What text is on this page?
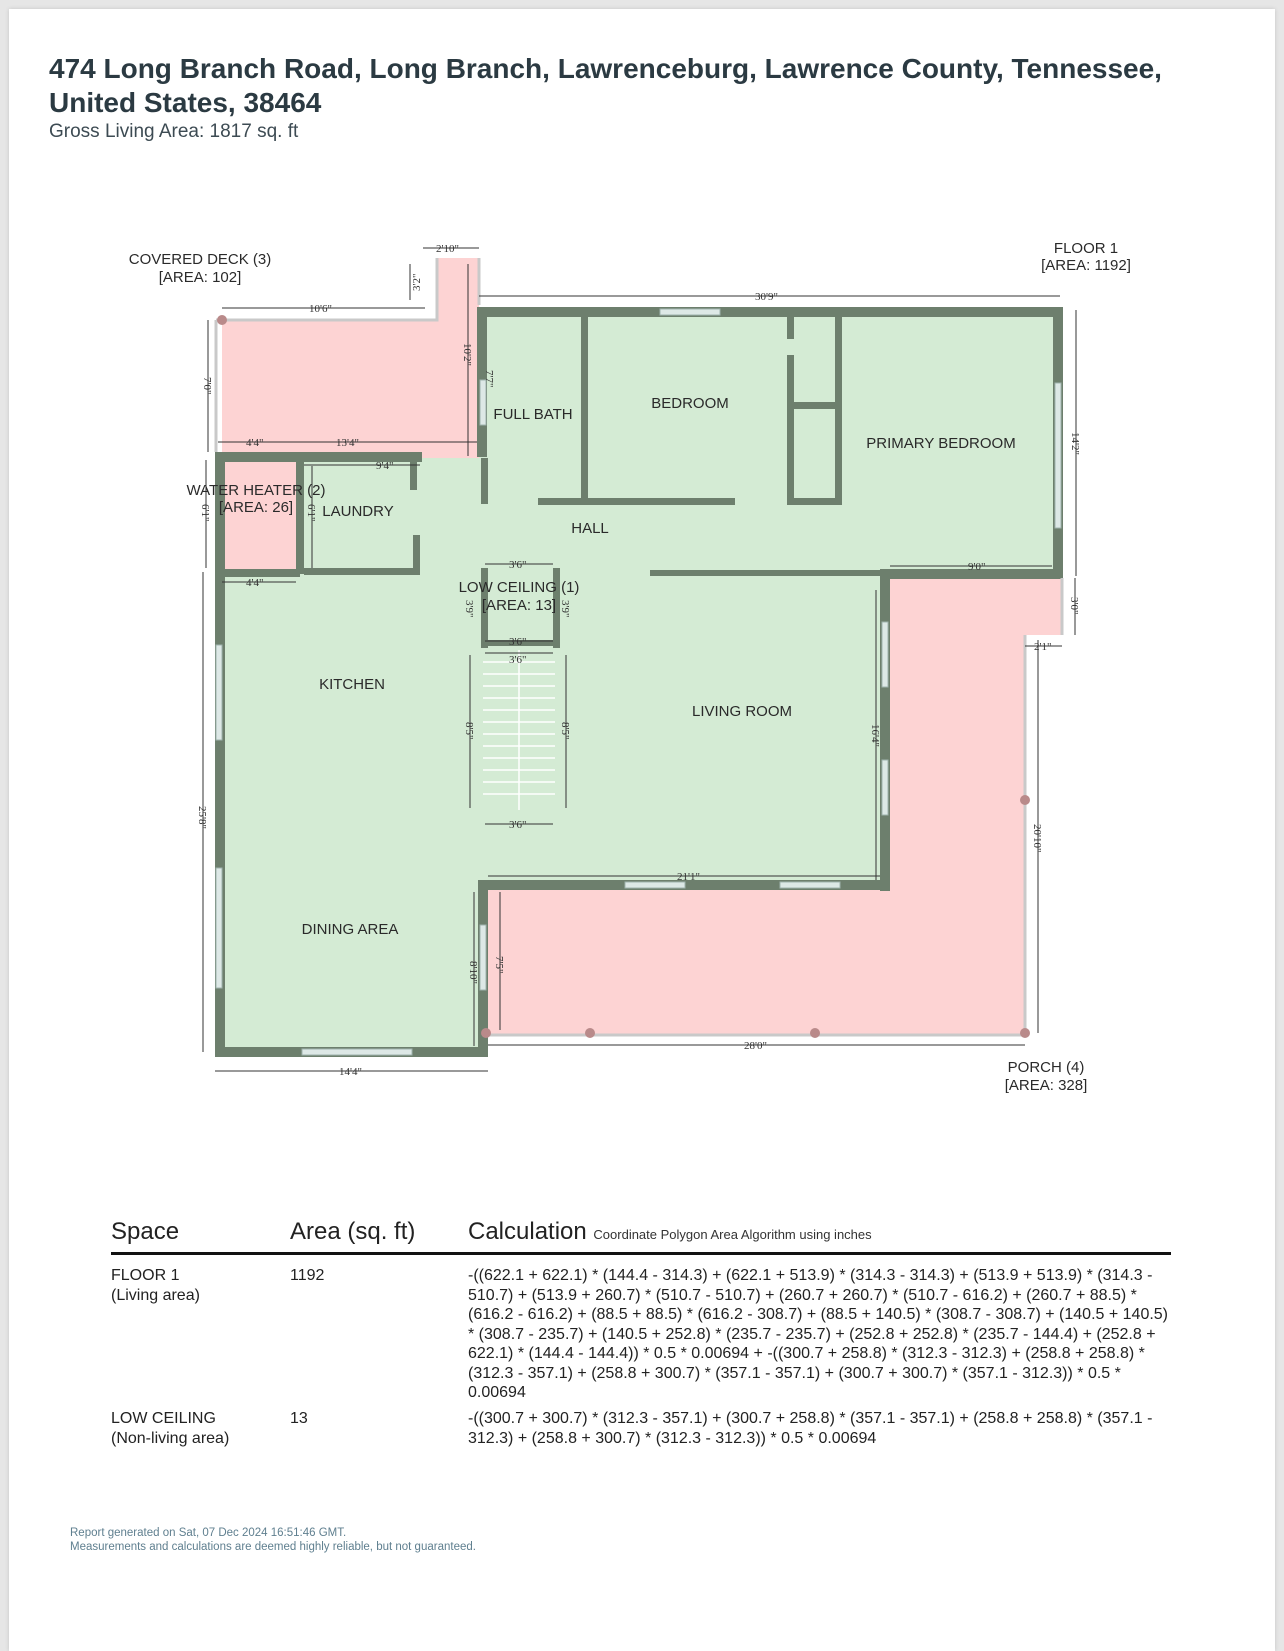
474 Long Branch Road, Long Branch, Lawrenceburg, Lawrence County, Tennessee, United States, 38464
Gross Living Area: 1817 sq. ft
2'10"
3'2"
10'6"
30'9"
7'0"
10'2"
7'7"
14'2"
4'4"	13'4"
9'4"
6'1"	6'1"
4'4"
3'6"
3'9"	3'9"
3'6"
3'6"
9'0"
3'0"
2'1"
25'8"
8'5"	8'5"	16'4"
3'6"	20'10"
21'1"
7'5"
8'10"
28'0"
14'4"
COVERED DECK (3)
[AREA: 102]
FLOOR 1
[AREA: 1192]
WATER HEATER (2)
[AREA: 26]
LOW CEILING (1)
[AREA: 13]
PORCH (4)
[AREA: 328]
FULL BATH
BEDROOM
PRIMARY BEDROOM
LAUNDRY
HALL
KITCHEN
LIVING ROOM
DINING AREA
Space	Area (sq. ft) Calculation Coordinate Polygon Area Algorithm using inches
FLOOR 1
(Living area)
1192	-((622.1 + 622.1) * (144.4 - 314.3) + (622.1 + 513.9) * (314.3 - 314.3) + (513.9 + 513.9) * (314.3 - 510.7) + (513.9 + 260.7) * (510.7 - 510.7) + (260.7 + 260.7) * (510.7 - 616.2) + (260.7 + 88.5) * (616.2 - 616.2) + (88.5 + 88.5) * (616.2 - 308.7) + (88.5 + 140.5) * (308.7 - 308.7) + (140.5 + 140.5) * (308.7 - 235.7) + (140.5 + 252.8) * (235.7 - 235.7) + (252.8 + 252.8) * (235.7 - 144.4) + (252.8 + 622.1) * (144.4 - 144.4)) * 0.5 * 0.00694 + -((300.7 + 258.8) * (312.3 - 312.3) + (258.8 + 258.8) * (312.3 - 357.1) + (258.8 + 300.7) * (357.1 - 357.1) + (300.7 + 300.7) * (357.1 - 312.3)) * 0.5 * 0.00694
LOW CEILING
(Non-living area)
13	-((300.7 + 300.7) * (312.3 - 357.1) + (300.7 + 258.8) * (357.1 - 357.1) + (258.8 + 258.8) * (357.1 - 312.3) + (258.8 + 300.7) * (312.3 - 312.3)) * 0.5 * 0.00694
Report generated on Sat, 07 Dec 2024 16:51:46 GMT.
Measurements and calculations are deemed highly reliable, but not guaranteed.
